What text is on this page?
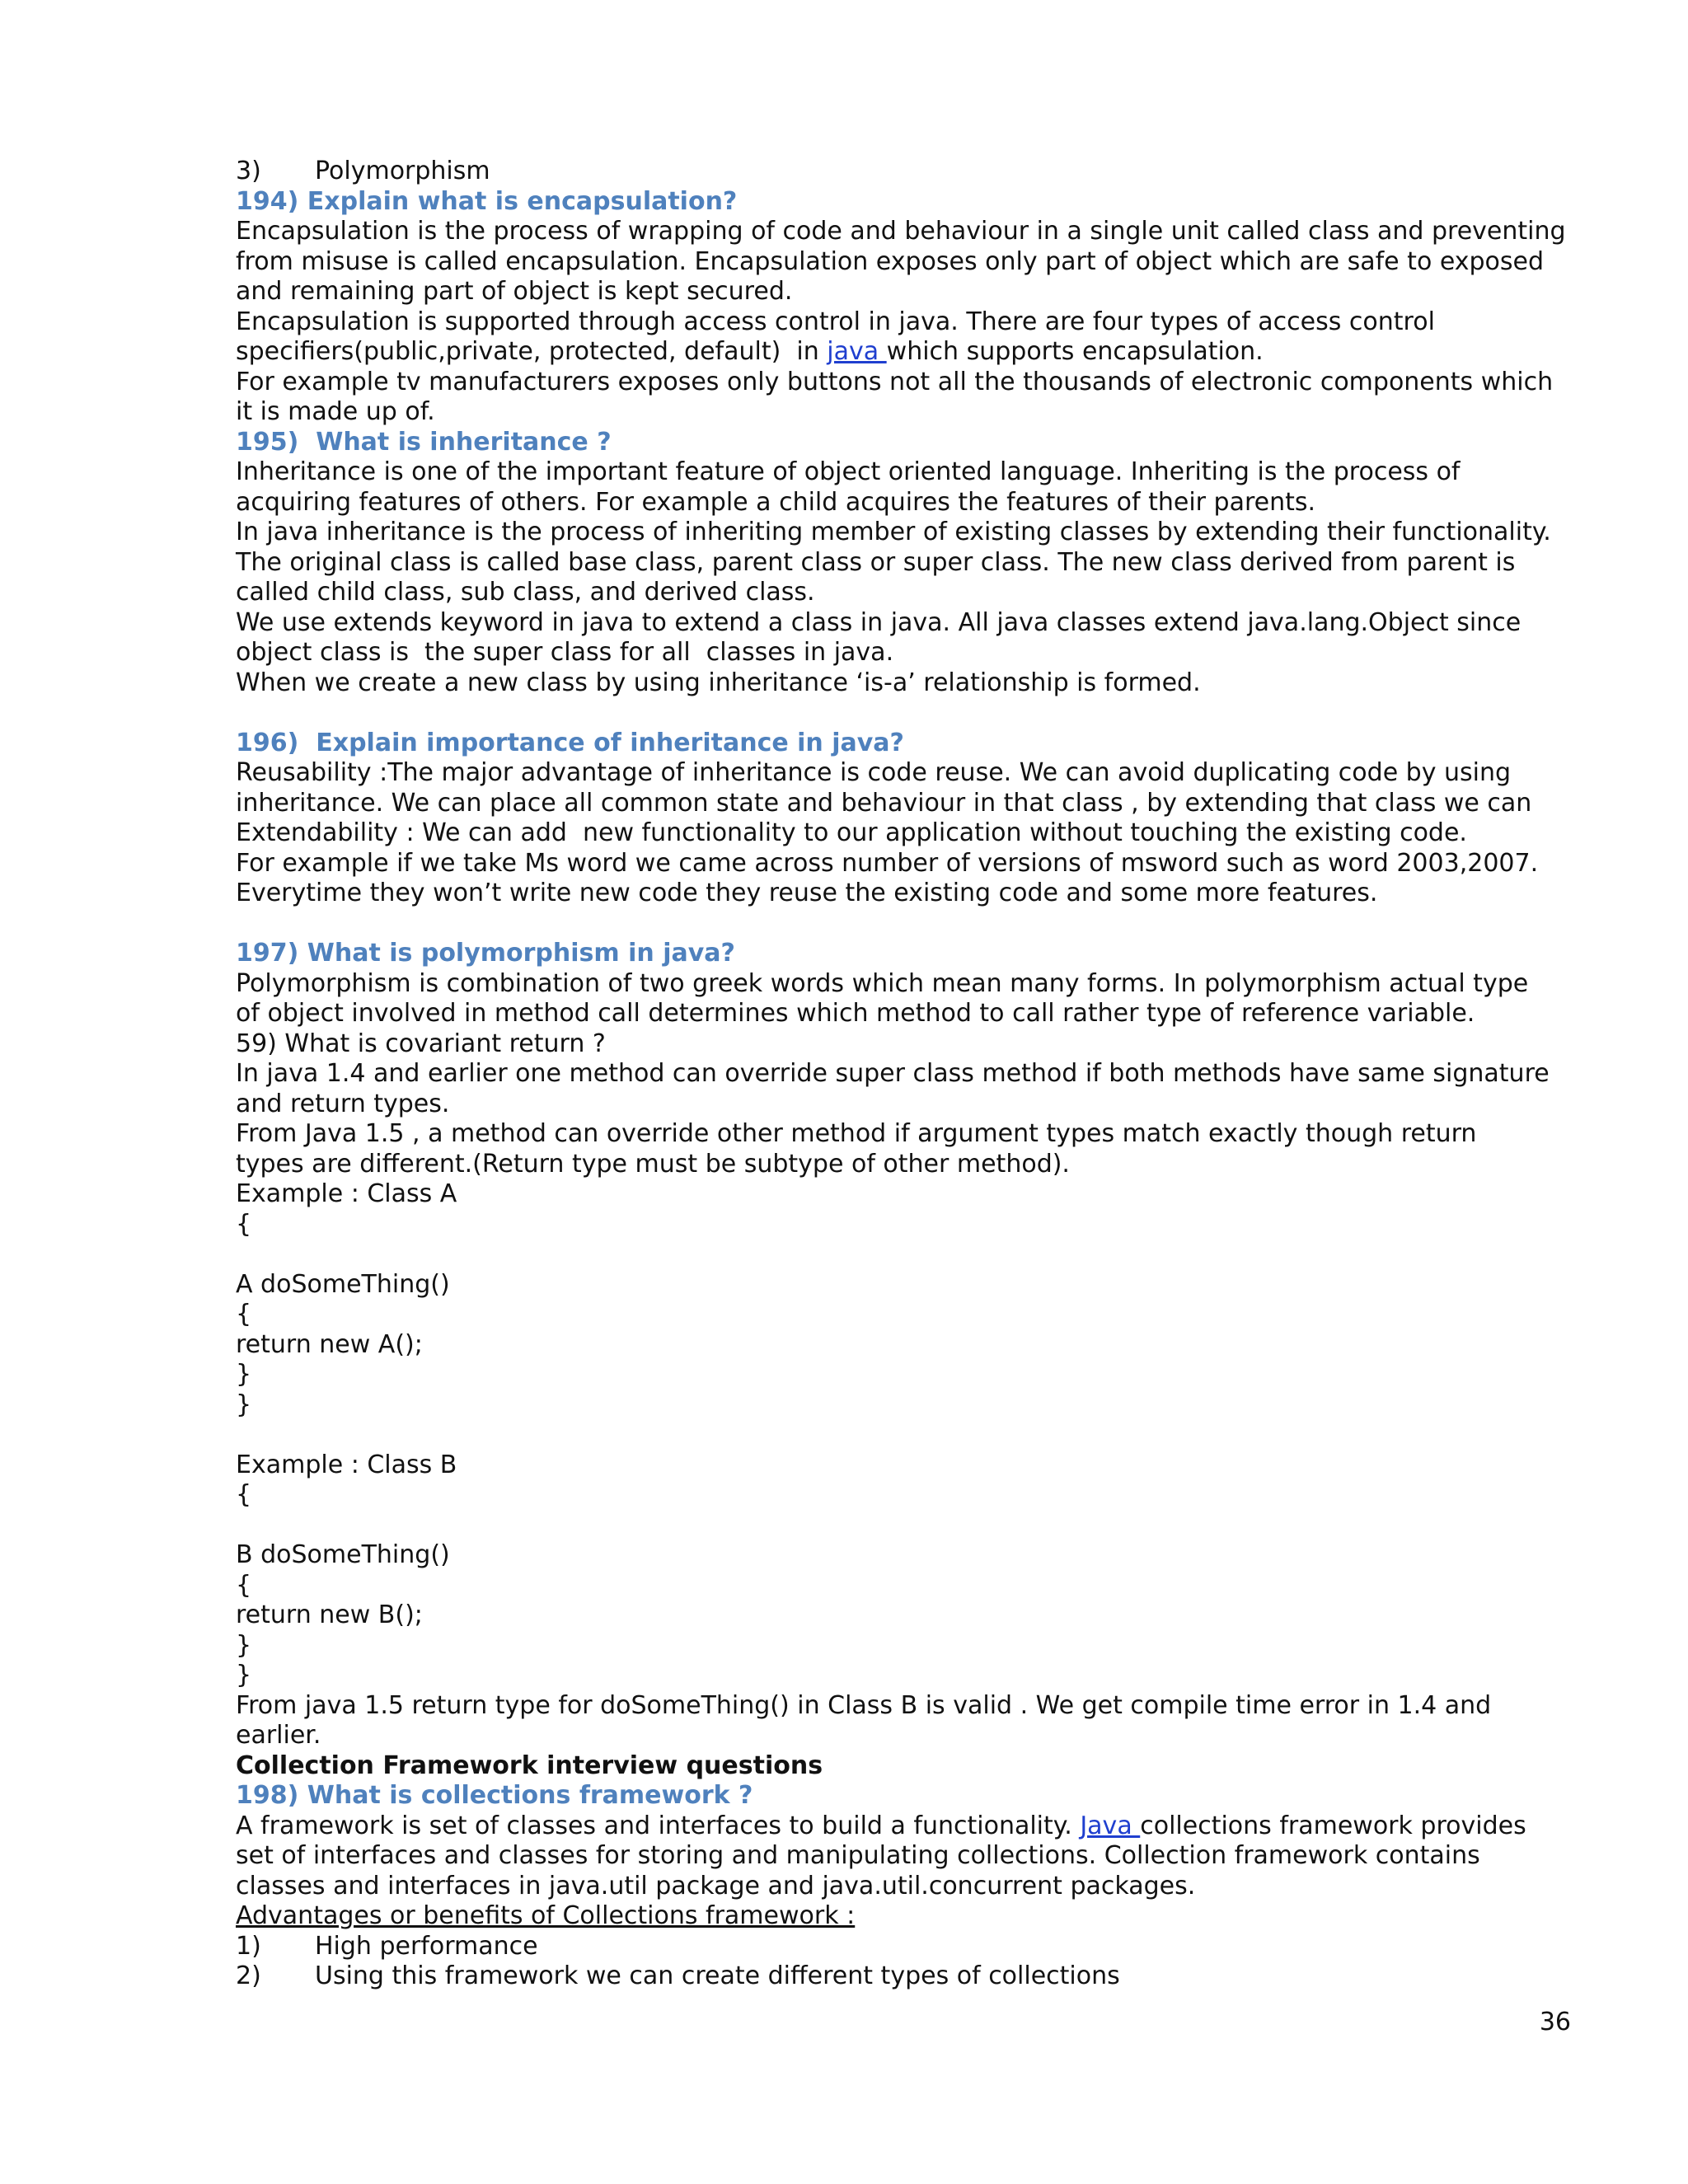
3) Polymorphism

194) Explain what is encapsulation?

Encapsulation is the process of wrapping of code and behaviour in a single unit called class and preventing

from misuse is called encapsulation. Encapsulation exposes only part of object which are safe to exposed

and remaining part of object is kept secured.

Encapsulation is supported through access control in java. There are four types of access control

specifiers(public,private, protected, default)  in java which supports encapsulation.

For example tv manufacturers exposes only buttons not all the thousands of electronic components which

it is made up of.

195)  What is inheritance ?

Inheritance is one of the important feature of object oriented language. Inheriting is the process of

acquiring features of others. For example a child acquires the features of their parents.

In java inheritance is the process of inheriting member of existing classes by extending their functionality.

The original class is called base class, parent class or super class. The new class derived from parent is

called child class, sub class, and derived class.

We use extends keyword in java to extend a class in java. All java classes extend java.lang.Object since

object class is  the super class for all  classes in java.

When we create a new class by using inheritance ‘is-a’ relationship is formed.

196)  Explain importance of inheritance in java?

Reusability :The major advantage of inheritance is code reuse. We can avoid duplicating code by using

inheritance. We can place all common state and behaviour in that class , by extending that class we can

Extendability : We can add  new functionality to our application without touching the existing code.

For example if we take Ms word we came across number of versions of msword such as word 2003,2007.

Everytime they won’t write new code they reuse the existing code and some more features.

197) What is polymorphism in java?

Polymorphism is combination of two greek words which mean many forms. In polymorphism actual type

of object involved in method call determines which method to call rather type of reference variable.

59) What is covariant return ?

In java 1.4 and earlier one method can override super class method if both methods have same signature

and return types.

From Java 1.5 , a method can override other method if argument types match exactly though return

types are different.(Return type must be subtype of other method).

Example : Class A

{

A doSomeThing()

{

return new A();

}

}

Example : Class B

{

B doSomeThing()

{

return new B();

}

}

From java 1.5 return type for doSomeThing() in Class B is valid . We get compile time error in 1.4 and

earlier.

Collection Framework interview questions

198) What is collections framework ?

A framework is set of classes and interfaces to build a functionality. Java collections framework provides

set of interfaces and classes for storing and manipulating collections. Collection framework contains

classes and interfaces in java.util package and java.util.concurrent packages.

Advantages or benefits of Collections framework :

1) High performance

2) Using this framework we can create different types of collections

36
